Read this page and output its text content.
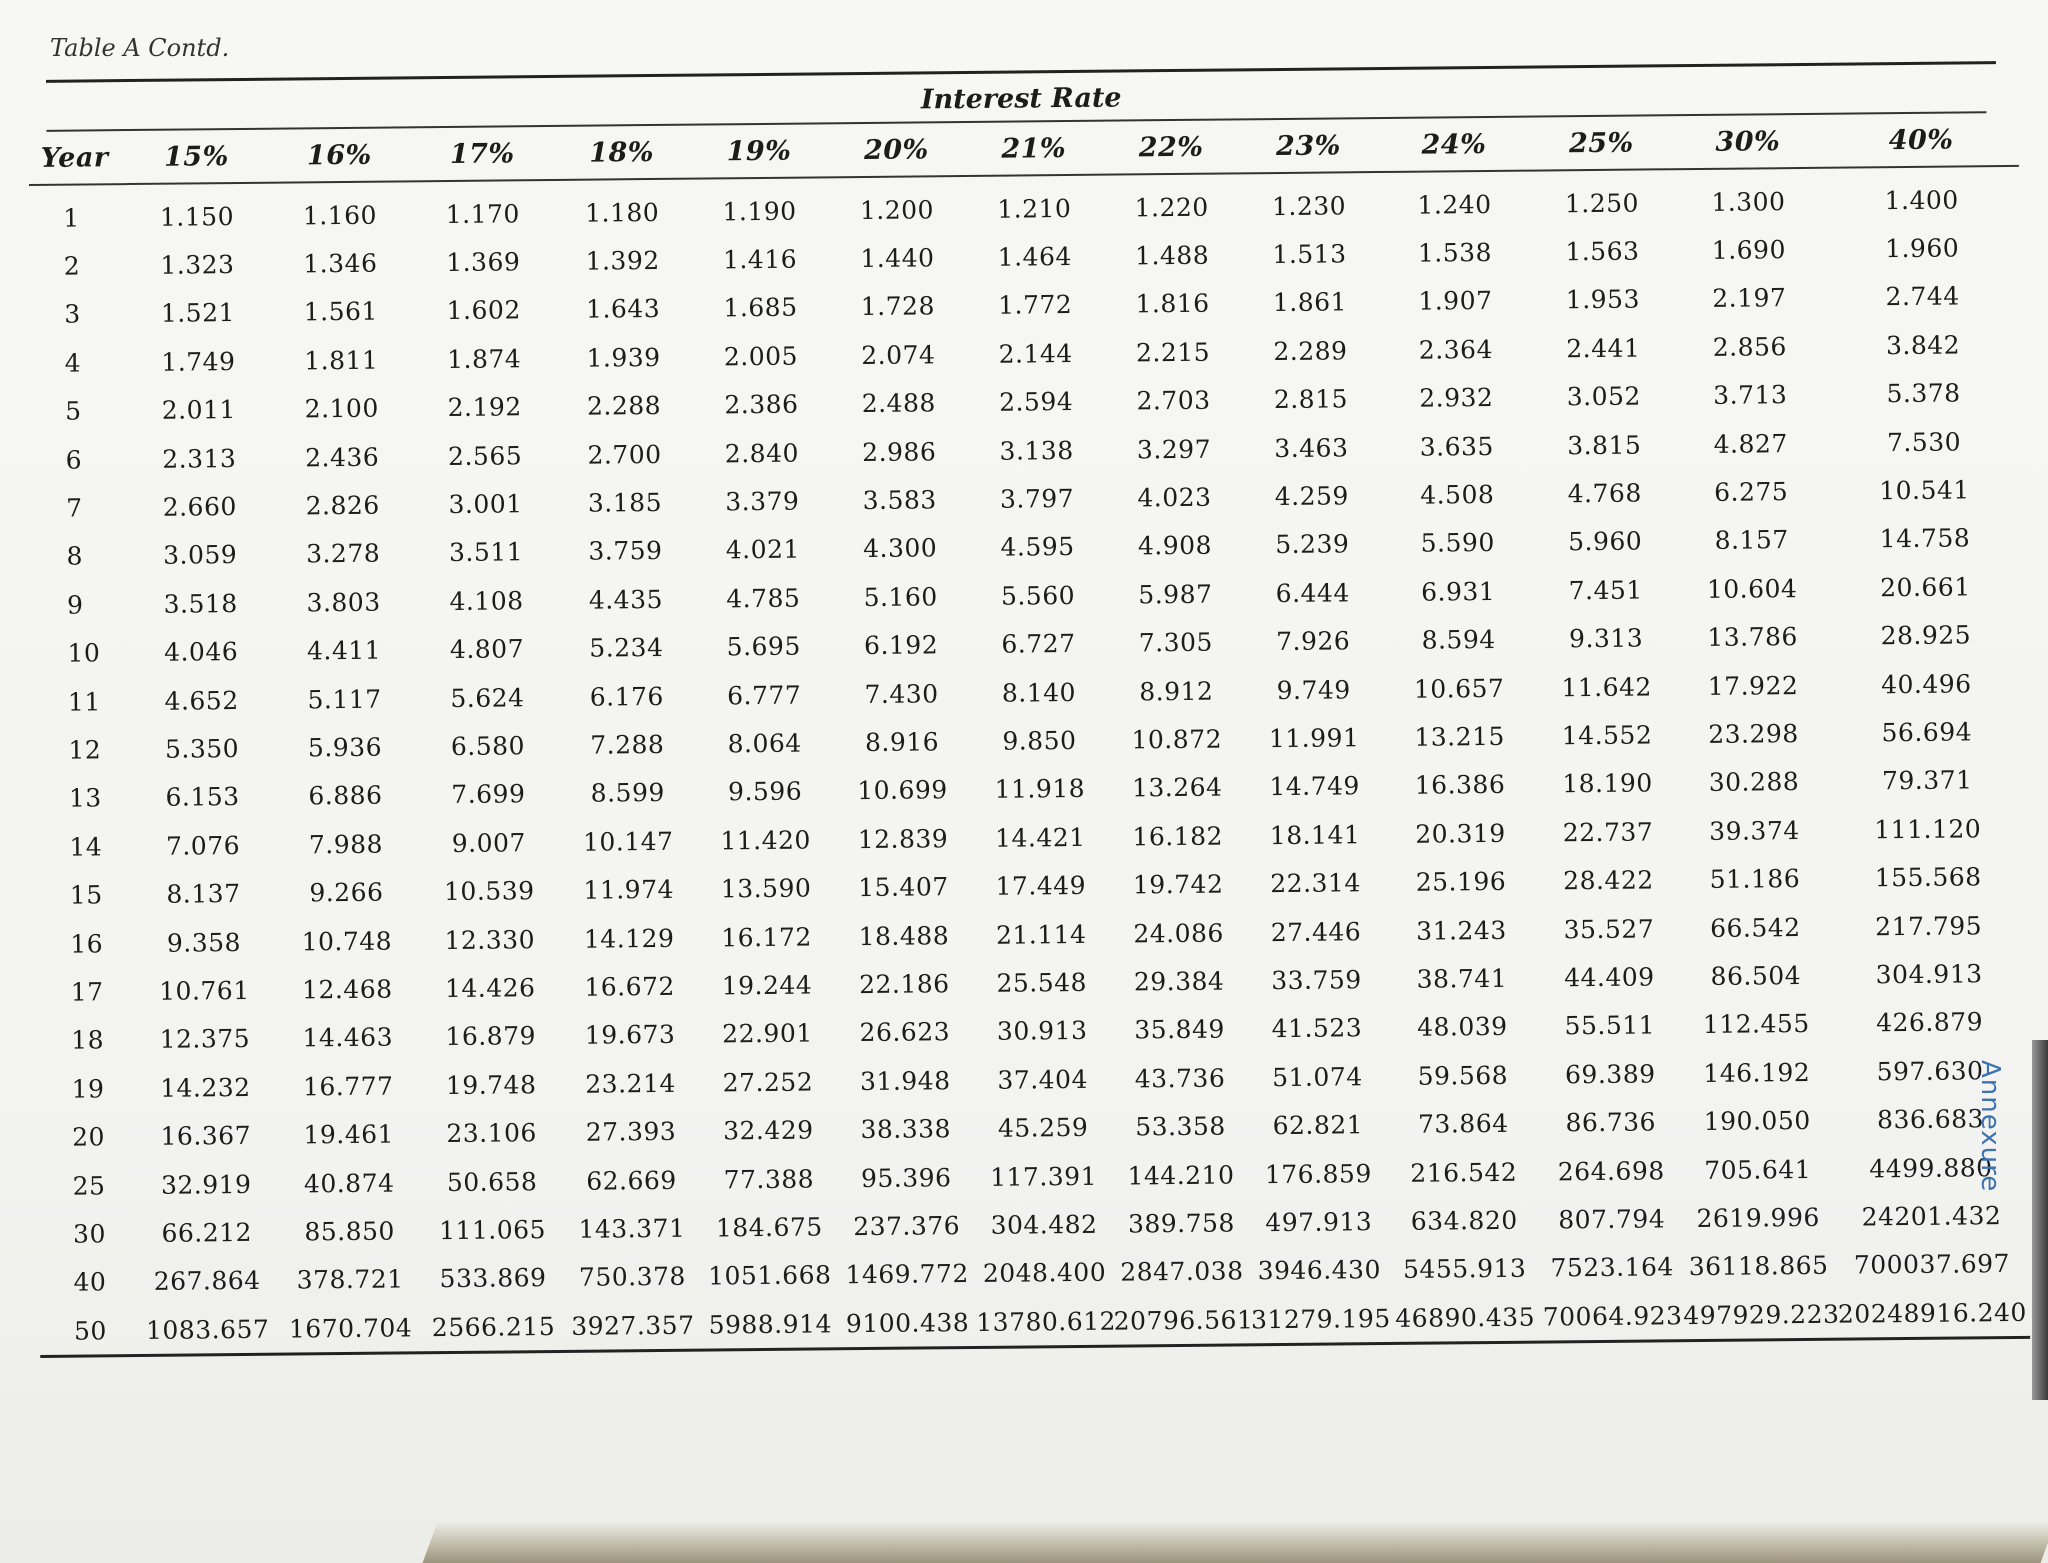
Table A Contd.
Interest Rate
Year	15%	16%	17%	18%	19%	20%	21%	22%	23%	24%	25%	30%	40%

1	1.150	1.160	1.170	1.180	1.190	1.200	1.210	1.220	1.230	1.240	1.250	1.300	1.400
2	1.323	1.346	1.369	1.392	1.416	1.440	1.464	1.488	1.513	1.538	1.563	1.690	1.960
3	1.521	1.561	1.602	1.643	1.685	1.728	1.772	1.816	1.861	1.907	1.953	2.197	2.744
4	1.749	1.811	1.874	1.939	2.005	2.074	2.144	2.215	2.289	2.364	2.441	2.856	3.842
5	2.011	2.100	2.192	2.288	2.386	2.488	2.594	2.703	2.815	2.932	3.052	3.713	5.378
6	2.313	2.436	2.565	2.700	2.840	2.986	3.138	3.297	3.463	3.635	3.815	4.827	7.530
7	2.660	2.826	3.001	3.185	3.379	3.583	3.797	4.023	4.259	4.508	4.768	6.275	10.541
8	3.059	3.278	3.511	3.759	4.021	4.300	4.595	4.908	5.239	5.590	5.960	8.157	14.758
9	3.518	3.803	4.108	4.435	4.785	5.160	5.560	5.987	6.444	6.931	7.451	10.604	20.661
10	4.046	4.411	4.807	5.234	5.695	6.192	6.727	7.305	7.926	8.594	9.313	13.786	28.925
11	4.652	5.117	5.624	6.176	6.777	7.430	8.140	8.912	9.749	10.657	11.642	17.922	40.496
12	5.350	5.936	6.580	7.288	8.064	8.916	9.850	10.872	11.991	13.215	14.552	23.298	56.694
13	6.153	6.886	7.699	8.599	9.596	10.699	11.918	13.264	14.749	16.386	18.190	30.288	79.371
14	7.076	7.988	9.007	10.147	11.420	12.839	14.421	16.182	18.141	20.319	22.737	39.374	111.120
15	8.137	9.266	10.539	11.974	13.590	15.407	17.449	19.742	22.314	25.196	28.422	51.186	155.568
16	9.358	10.748	12.330	14.129	16.172	18.488	21.114	24.086	27.446	31.243	35.527	66.542	217.795
17	10.761	12.468	14.426	16.672	19.244	22.186	25.548	29.384	33.759	38.741	44.409	86.504	304.913
18	12.375	14.463	16.879	19.673	22.901	26.623	30.913	35.849	41.523	48.039	55.511	112.455	426.879
19	14.232	16.777	19.748	23.214	27.252	31.948	37.404	43.736	51.074	59.568	69.389	146.192	597.630
20	16.367	19.461	23.106	27.393	32.429	38.338	45.259	53.358	62.821	73.864	86.736	190.050	836.683
25	32.919	40.874	50.658	62.669	77.388	95.396	117.391	144.210	176.859	216.542	264.698	705.641	4499.880
30	66.212	85.850	111.065	143.371	184.675	237.376	304.482	389.758	497.913	634.820	807.794	2619.996	24201.432
40	267.864	378.721	533.869	750.378	1051.668	1469.772	2048.400	2847.038	3946.430	5455.913	7523.164	36118.865	700037.697
50	1083.657	1670.704	2566.215	3927.357	5988.914	9100.438	13780.612	20796.561	31279.195	46890.435	70064.923	497929.223	20248916.240
Annexure
